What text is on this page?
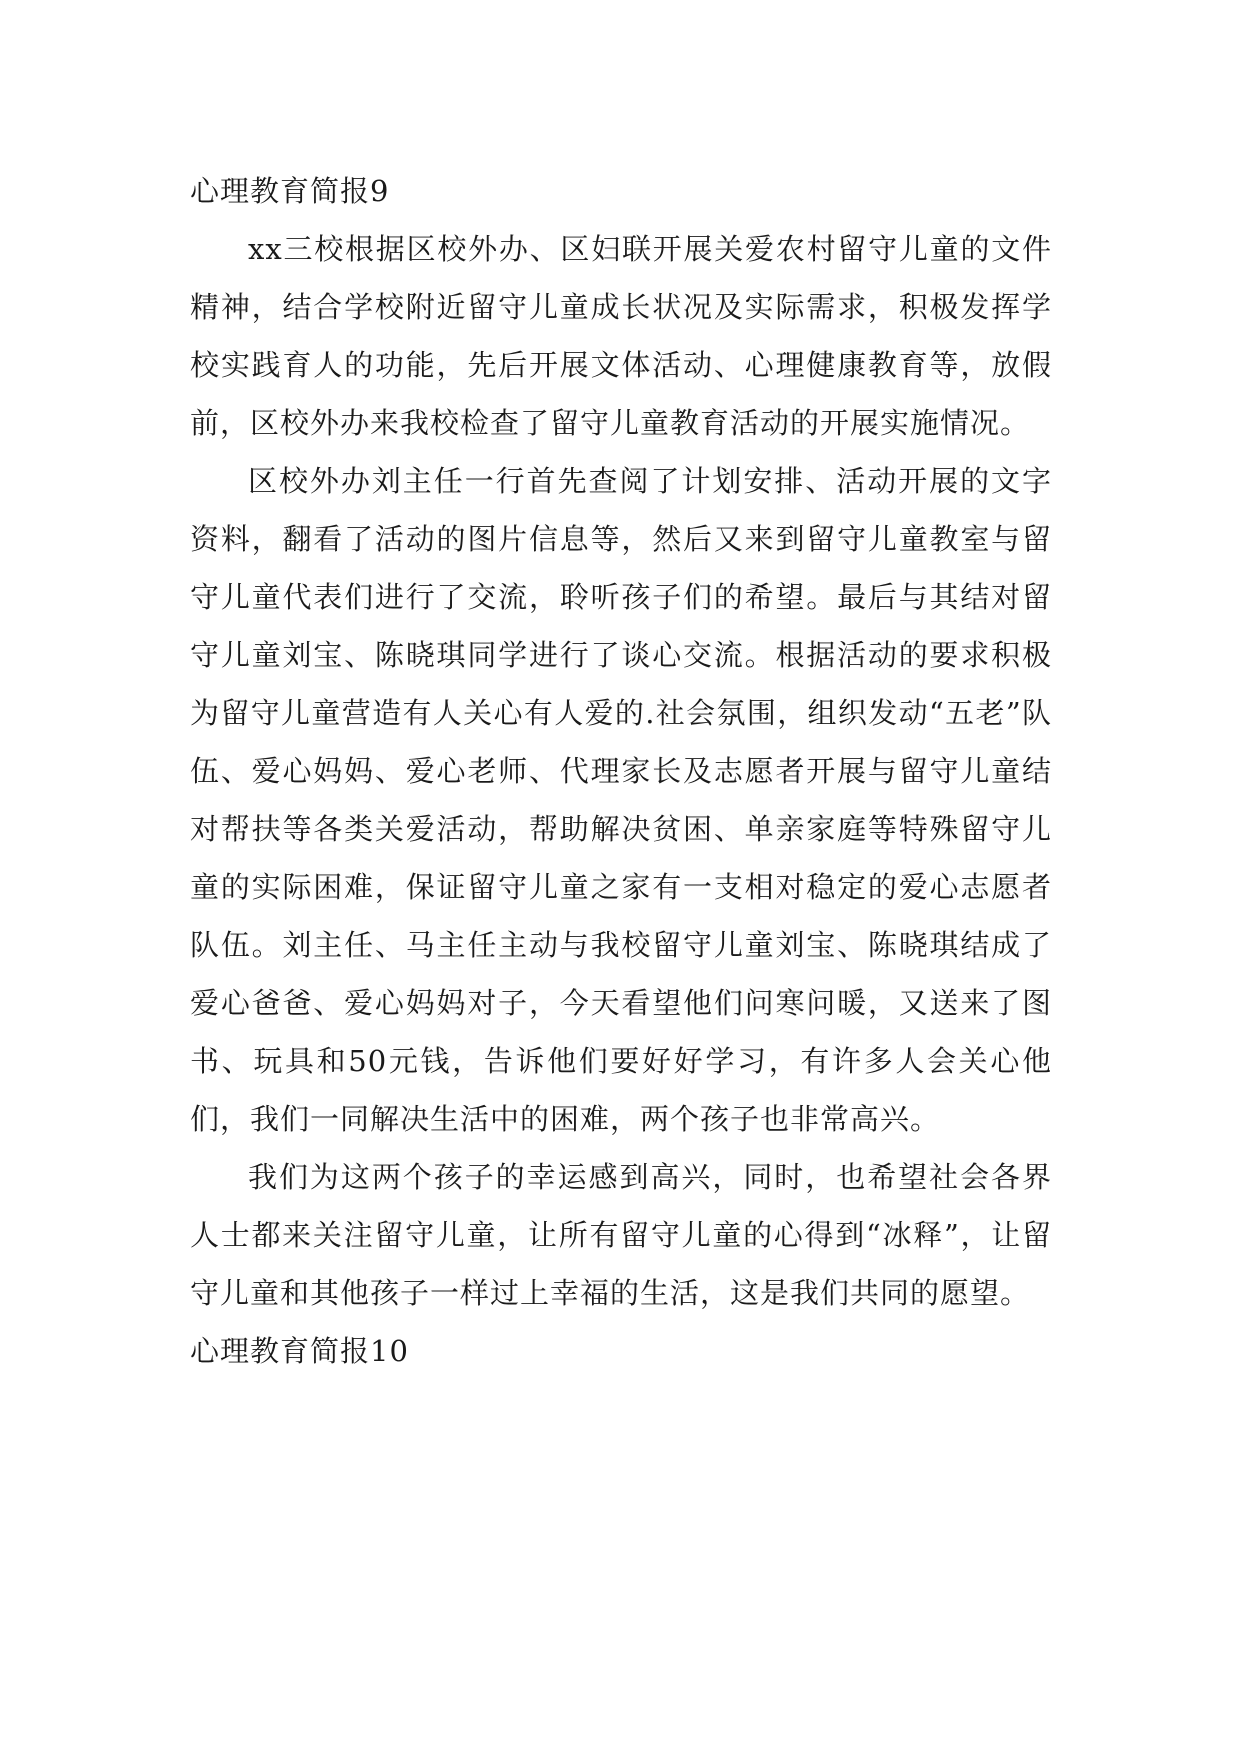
心理教育简报9

xx三校根据区校外办、区妇联开展关爱农村留守儿童的文件精神，结合学校附近留守儿童成长状况及实际需求，积极发挥学校实践育人的功能，先后开展文体活动、心理健康教育等，放假前，区校外办来我校检查了留守儿童教育活动的开展实施情况。

区校外办刘主任一行首先查阅了计划安排、活动开展的文字资料，翻看了活动的图片信息等，然后又来到留守儿童教室与留守儿童代表们进行了交流，聆听孩子们的希望。最后与其结对留守儿童刘宝、陈晓琪同学进行了谈心交流。根据活动的要求积极为留守儿童营造有人关心有人爱的.社会氛围，组织发动“五老”队伍、爱心妈妈、爱心老师、代理家长及志愿者开展与留守儿童结对帮扶等各类关爱活动，帮助解决贫困、单亲家庭等特殊留守儿童的实际困难，保证留守儿童之家有一支相对稳定的爱心志愿者队伍。刘主任、马主任主动与我校留守儿童刘宝、陈晓琪结成了爱心爸爸、爱心妈妈对子，今天看望他们问寒问暖，又送来了图书、玩具和50元钱，告诉他们要好好学习，有许多人会关心他们，我们一同解决生活中的困难，两个孩子也非常高兴。

我们为这两个孩子的幸运感到高兴，同时，也希望社会各界人士都来关注留守儿童，让所有留守儿童的心得到“冰释”，让留守儿童和其他孩子一样过上幸福的生活，这是我们共同的愿望。

心理教育简报10
